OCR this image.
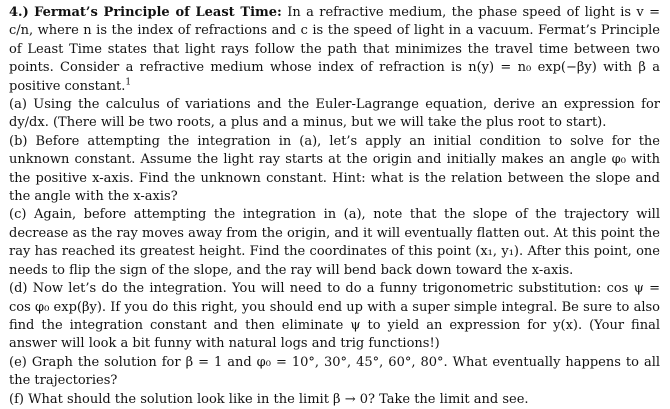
4.) Fermat’s Principle of Least Time: In a refractive medium, the phase speed of light is v = c/n, where n is the index of refractions and c is the speed of light in a vacuum. Fermat’s Principle of Least Time states that light rays follow the path that minimizes the travel time between two points. Consider a refractive medium whose index of refraction is n(y) = n₀ exp(−βy) with β a positive constant.$^1$

(a) Using the calculus of variations and the Euler-Lagrange equation, derive an expression for dy/dx. (There will be two roots, a plus and a minus, but we will take the plus root to start).

(b) Before attempting the integration in (a), let’s apply an initial condition to solve for the unknown constant. Assume the light ray starts at the origin and initially makes an angle φ₀ with the positive x-axis. Find the unknown constant. Hint: what is the relation between the slope and the angle with the x-axis?

(c) Again, before attempting the integration in (a), note that the slope of the trajectory will decrease as the ray moves away from the origin, and it will eventually flatten out. At this point the ray has reached its greatest height. Find the coordinates of this point (x₁, y₁). After this point, one needs to flip the sign of the slope, and the ray will bend back down toward the x-axis.

(d) Now let’s do the integration. You will need to do a funny trigonometric substitution: cos ψ = cos φ₀ exp(βy). If you do this right, you should end up with a super simple integral. Be sure to also find the integration constant and then eliminate ψ to yield an expression for y(x). (Your final answer will look a bit funny with natural logs and trig functions!)

(e) Graph the solution for β = 1 and φ₀ = 10°, 30°, 45°, 60°, 80°. What eventually happens to all the trajectories?

(f) What should the solution look like in the limit β → 0? Take the limit and see.
